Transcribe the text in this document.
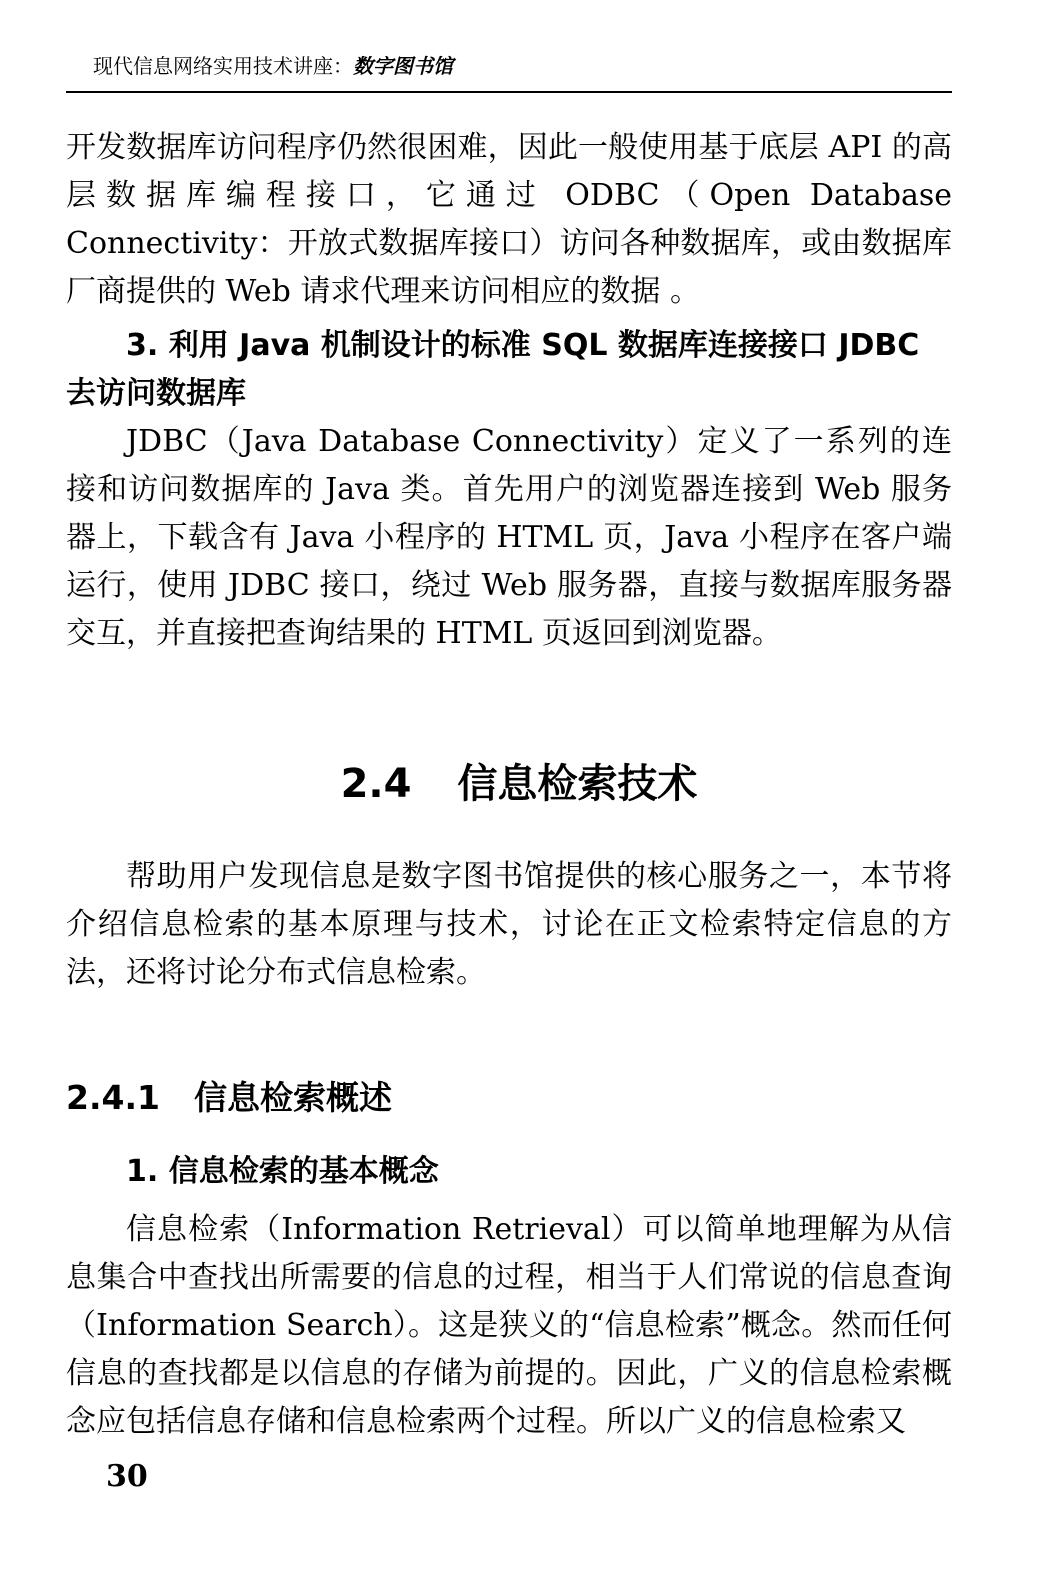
现代信息网络实用技术讲座：数字图书馆

开发数据库访问程序仍然很困难，因此一般使用基于底层 API 的高层数据库编程接口，它通过 ODBC（Open Database Connectivity：开放式数据库接口）访问各种数据库，或由数据库厂商提供的 Web 请求代理来访问相应的数据 。

3. 利用 Java 机制设计的标准 SQL 数据库连接接口 JDBC 去访问数据库

JDBC（Java Database Connectivity）定义了一系列的连接和访问数据库的 Java 类。首先用户的浏览器连接到 Web 服务器上，下载含有 Java 小程序的 HTML 页，Java 小程序在客户端运行，使用 JDBC 接口，绕过 Web 服务器，直接与数据库服务器交互，并直接把查询结果的 HTML 页返回到浏览器。

2.4 信息检索技术

帮助用户发现信息是数字图书馆提供的核心服务之一，本节将介绍信息检索的基本原理与技术，讨论在正文检索特定信息的方法，还将讨论分布式信息检索。

2.4.1 信息检索概述

1. 信息检索的基本概念

信息检索（Information Retrieval）可以简单地理解为从信息集合中查找出所需要的信息的过程，相当于人们常说的信息查询（Information Search）。这是狭义的“信息检索”概念。然而任何信息的查找都是以信息的存储为前提的。因此，广义的信息检索概念应包括信息存储和信息检索两个过程。所以广义的信息检索又

30
